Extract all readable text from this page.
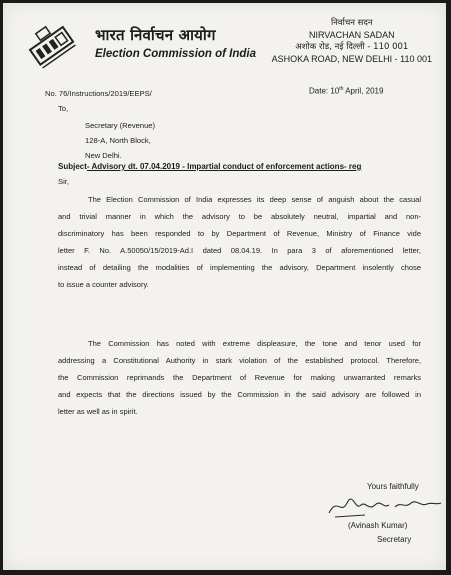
भारत निर्वाचन आयोग
Election Commission of India
निर्वाचन सदन
NIRVACHAN SADAN
अशोक रोड, नई दिल्ली - 110 001
ASHOKA ROAD, NEW DELHI - 110 001
No. 76/Instructions/2019/EEPS/	Date: 10th April, 2019
To,
Secretary (Revenue)
128-A, North Block,
New Delhi.
Subject- Advisory dt. 07.04.2019 - Impartial conduct of enforcement actions- reg
Sir,
The Election Commission of India expresses its deep sense of anguish about the casual
and trivial manner in which the advisory to be absolutely neutral, impartial and non-
discriminatory has been responded to by Department of Revenue, Ministry of Finance vide
letter F. No. A.50050/15/2019-Ad.I dated 08.04.19. In para 3 of aforementioned letter,
instead of detailing the modalities of implementing the advisory, Department insolently chose
to issue a counter advisory.
The Commission has noted with extreme displeasure, the tone and tenor used for
addressing a Constitutional Authority in stark violation of the established protocol. Therefore,
the Commission reprimands the Department of Revenue for making unwarranted remarks
and expects that the directions issued by the Commission in the said advisory are followed in
letter as well as in spirit.
Yours faithfully
(Avinash Kumar)
Secretary
